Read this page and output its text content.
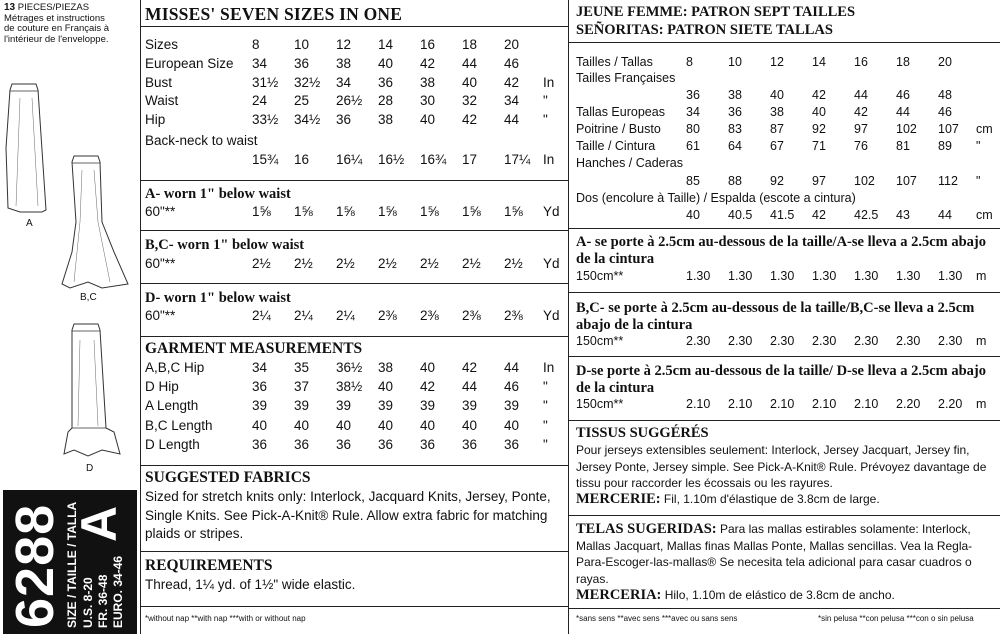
13 PIECES/PIEZAS
Métrages et instructions
de couture en Français à
l'intérieur de l'enveloppe.
A
B,C
D
6288 SIZE / TAILLE / TALLA U.S. 8-20
FR. 36-48
EURO. 34-46
A
MISSES' SEVEN SIZES IN ONE
GARMENT MEASUREMENTS
SUGGESTED FABRICS
Sized for stretch knits only: Interlock, Jacquard Knits, Jersey, Ponte, Single Knits. See Pick-A-Knit® Rule. Allow extra fabric for matching plaids or stripes.
REQUIREMENTS
Thread, 1¼ yd. of 1½" wide elastic.
*without nap **with nap ***with or without nap
JEUNE FEMME: PATRON SEPT TAILLES
SEÑORITAS: PATRON SIETE TALLAS
TISSUS SUGGÉRÉS
Pour jerseys extensibles seulement: Interlock, Jersey Jacquart, Jersey fin, Jersey Ponte, Jersey simple. See Pick-A-Knit® Rule. Prévoyez davantage de tissu pour raccorder les écossais ou les rayures.
MERCERIE: Fil, 1.10m d'élastique de 3.8cm de large.
TELAS SUGERIDAS: Para las mallas estirables solamente: Interlock, Mallas Jacquart, Mallas finas Mallas Ponte, Mallas sencillas. Vea la Regla-Para-Escoger-las-mallas® Se necesita tela adicional para casar cuadros o rayas.
MERCERIA: Hilo, 1.10m de elástico de 3.8cm de ancho.
*sans sens **avec sens ***avec ou sans sens	*sin pelusa **con pelusa ***con o sin pelusa
Sizes	8	10 12 14 16 18 20
European Size 34 36 38 40 42 44 46
Bust	31½ 32½ 34 36 38 40 42 In
Waist	24 25 26½ 28 30 32 34 "
Hip	33½ 34½ 36 38 40 42 44 "
Back-neck to waist
15¾ 16 16¼ 16½ 16¾ 17 17¼ In
A- worn 1" below waist
60"**	1⅝ 1⅝ 1⅝ 1⅝ 1⅝ 1⅝ 1⅝ Yd
B,C- worn 1" below waist
60"**	2½ 2½ 2½ 2½ 2½ 2½ 2½ Yd
D- worn 1" below waist
60"**	2¼ 2¼ 2¼ 2⅜ 2⅜ 2⅜ 2⅜ Yd
A,B,C Hip	34 35 36½ 38 40 42 44 In
D Hip	36 37 38½ 40 42 44 46 "
A Length	39 39 39 39 39 39 39 "
B,C Length	40 40 40 40 40 40 40 "
D Length	36 36 36 36 36 36 36 "
Tailles / Tallas	8	10 12 14 16 18 20
Tailles Françaises
36 38 40 42 44 46 48
Tallas Europeas 34 36 38 40 42 44 46
Poitrine / Busto 80 83 87 92 97 102 107 cm
Taille / Cintura 61 64 67 71 76 81 89 "
Hanches / Caderas
85 88 92 97 102 107 112 "
Dos (encolure à Taille) / Espalda (escote a cintura)
40 40.5 41.5 42 42.5 43 44 cm
A- se porte à 2.5cm au-dessous de la taille/A-se lleva a 2.5cm abajo de la cintura
150cm**	1.30 1.30 1.30 1.30 1.30 1.30 1.30 m
B,C- se porte à 2.5cm au-dessous de la taille/B,C-se lleva a 2.5cm abajo de la cintura
150cm**	2.30 2.30 2.30 2.30 2.30 2.30 2.30 m
D-se porte à 2.5cm au-dessous de la taille/ D-se lleva a 2.5cm abajo de la cintura
150cm**	2.10 2.10 2.10 2.10 2.10 2.20 2.20 m
